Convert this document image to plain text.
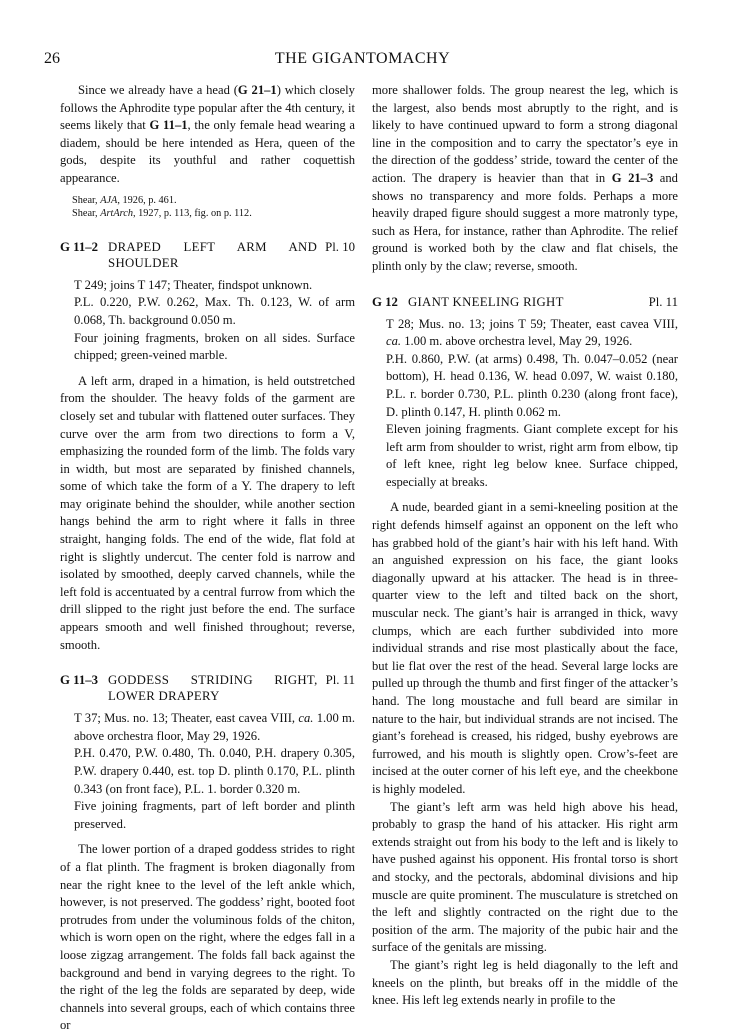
26	THE GIGANTOMACHY

Since we already have a head (G 21–1) which closely follows the Aphrodite type popular after the 4th century, it seems likely that G 11–1, the only female head wearing a diadem, should be here intended as Hera, queen of the gods, despite its youthful and rather coquettish appearance.

Shear, AJA, 1926, p. 461.

Shear, ArtArch, 1927, p. 113, fig. on p. 112.

G 11–2 DRAPED LEFT ARM AND SHOULDER
Pl. 10

T 249; joins T 147; Theater, findspot unknown.

P.L. 0.220, P.W. 0.262, Max. Th. 0.123, W. of arm 0.068, Th. background 0.050 m.

Four joining fragments, broken on all sides. Surface chipped; green-veined marble.

A left arm, draped in a himation, is held outstretched from the shoulder. The heavy folds of the garment are closely set and tubular with flattened outer surfaces. They curve over the arm from two directions to form a V, emphasizing the rounded form of the limb. The folds vary in width, but most are separated by finished channels, some of which take the form of a Y. The drapery to left may originate behind the shoulder, while another section hangs behind the arm to right where it falls in three straight, hanging folds. The end of the wide, flat fold at right is slightly undercut. The center fold is narrow and isolated by smoothed, deeply carved channels, while the left fold is accentuated by a central furrow from which the drill slipped to the right just before the end. The surface appears smooth and well finished throughout; reverse, smooth.

G 11–3 GODDESS STRIDING RIGHT, LOWER DRAPERY
Pl. 11

T 37; Mus. no. 13; Theater, east cavea VIII, ca. 1.00 m. above orchestra floor, May 29, 1926.

P.H. 0.470, P.W. 0.480, Th. 0.040, P.H. drapery 0.305, P.W. drapery 0.440, est. top D. plinth 0.170, P.L. plinth 0.343 (on front face), P.L. 1. border 0.320 m.

Five joining fragments, part of left border and plinth preserved.

The lower portion of a draped goddess strides to right of a flat plinth. The fragment is broken diagonally from near the right knee to the level of the left ankle which, however, is not preserved. The goddess’ right, booted foot protrudes from under the voluminous folds of the chiton, which is worn open on the right, where the edges fall in a loose zigzag arrangement. The folds fall back against the background and bend in varying degrees to the right. To the right of the leg the folds are separated by deep, wide channels into several groups, each of which contains three or

more shallower folds. The group nearest the leg, which is the largest, also bends most abruptly to the right, and is likely to have continued upward to form a strong diagonal line in the composition and to carry the spectator’s eye in the direction of the goddess’ stride, toward the center of the action. The drapery is heavier than that in G 21–3 and shows no transparency and more folds. Perhaps a more heavily draped figure should suggest a more matronly type, such as Hera, for instance, rather than Aphrodite. The relief ground is worked both by the claw and flat chisels, the plinth only by the claw; reverse, smooth.

G 12 GIANT KNEELING RIGHT	Pl. 11

T 28; Mus. no. 13; joins T 59; Theater, east cavea VIII, ca. 1.00 m. above orchestra level, May 29, 1926.

P.H. 0.860, P.W. (at arms) 0.498, Th. 0.047–0.052 (near bottom), H. head 0.136, W. head 0.097, W. waist 0.180, P.L. r. border 0.730, P.L. plinth 0.230 (along front face), D. plinth 0.147, H. plinth 0.062 m.

Eleven joining fragments. Giant complete except for his left arm from shoulder to wrist, right arm from elbow, tip of left knee, right leg below knee. Surface chipped, especially at breaks.

A nude, bearded giant in a semi-kneeling position at the right defends himself against an opponent on the left who has grabbed hold of the giant’s hair with his left hand. With an anguished expression on his face, the giant looks diagonally upward at his attacker. The head is in three-quarter view to the left and tilted back on the short, muscular neck. The giant’s hair is arranged in thick, wavy clumps, which are each further subdivided into more individual strands and rise most plastically about the face, but lie flat over the rest of the head. Several large locks are pulled up through the thumb and first finger of the attacker’s hand. The long moustache and full beard are similar in nature to the hair, but individual strands are not incised. The giant’s forehead is creased, his ridged, bushy eyebrows are furrowed, and his mouth is slightly open. Crow’s-feet are incised at the outer corner of his left eye, and the cheekbone is highly modeled.

The giant’s left arm was held high above his head, probably to grasp the hand of his attacker. His right arm extends straight out from his body to the left and is likely to have pushed against his opponent. His frontal torso is short and stocky, and the pectorals, abdominal divisions and hip muscle are quite prominent. The musculature is stretched on the left and slightly contracted on the right due to the position of the arm. The majority of the pubic hair and the surface of the genitals are missing.

The giant’s right leg is held diagonally to the left and kneels on the plinth, but breaks off in the middle of the knee. His left leg extends nearly in profile to the
